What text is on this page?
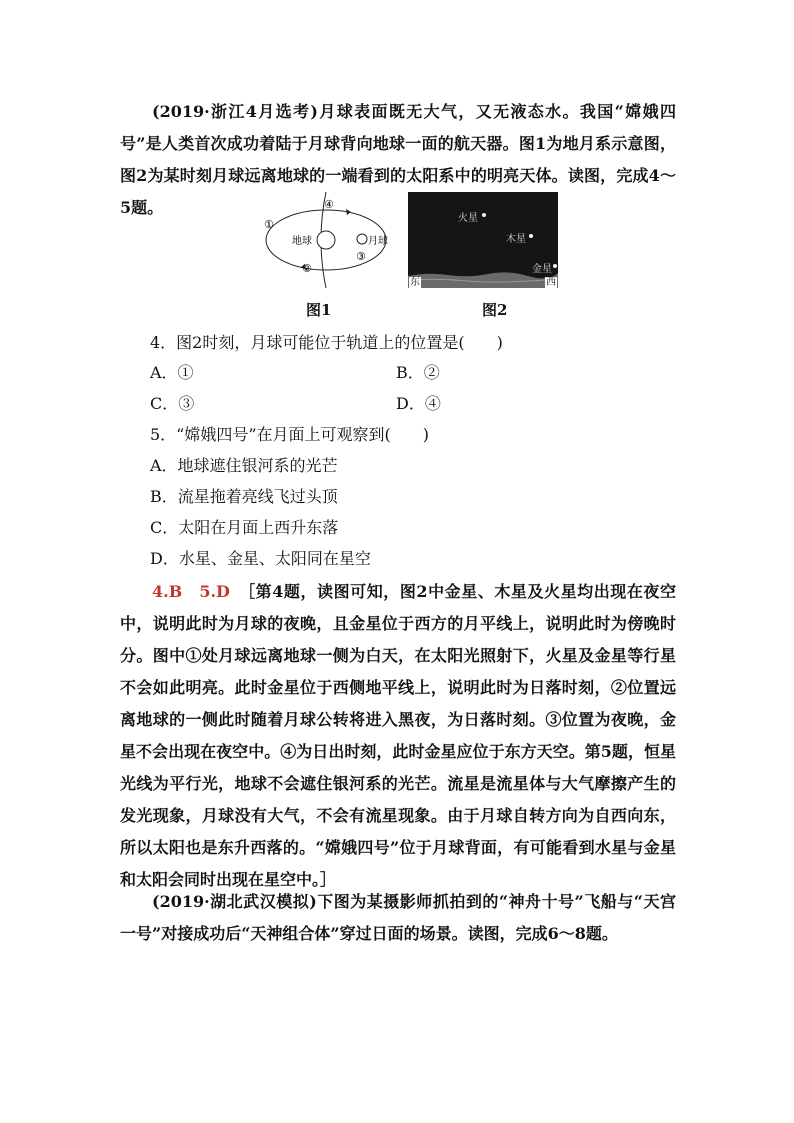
(2019·浙江4月选考)月球表面既无大气，又无液态水。我国“嫦娥四号”是人类首次成功着陆于月球背向地球一面的航天器。图1为地月系示意图，图2为某时刻月球远离地球的一端看到的太阳系中的明亮天体。读图，完成4～5题。

地球	月球
①
②
③
④
火星
木星
金星
东	西
图1	图2
4．图2时刻，月球可能位于轨道上的位置是(　　)
A．①	B．②
C．③	D．④
5．“嫦娥四号”在月面上可观察到(　　)
A．地球遮住银河系的光芒
B．流星拖着亮线飞过头顶
C．太阳在月面上西升东落
D．水星、金星、太阳同在星空

4.B　5.D　 ［第4题，读图可知，图2中金星、木星及火星均出现在夜空中，说明此时为月球的夜晚，且金星位于西方的月平线上，说明此时为傍晚时分。图中①处月球远离地球一侧为白天，在太阳光照射下，火星及金星等行星不会如此明亮。此时金星位于西侧地平线上，说明此时为日落时刻，②位置远离地球的一侧此时随着月球公转将进入黑夜，为日落时刻。③位置为夜晚，金星不会出现在夜空中。④为日出时刻，此时金星应位于东方天空。第5题，恒星光线为平行光，地球不会遮住银河系的光芒。流星是流星体与大气摩擦产生的发光现象，月球没有大气，不会有流星现象。由于月球自转方向为自西向东，所以太阳也是东升西落的。“嫦娥四号”位于月球背面，有可能看到水星与金星和太阳会同时出现在星空中。］

(2019·湖北武汉模拟)下图为某摄影师抓拍到的“神舟十号”飞船与“天宫一号”对接成功后“天神组合体”穿过日面的场景。读图，完成6～8题。
